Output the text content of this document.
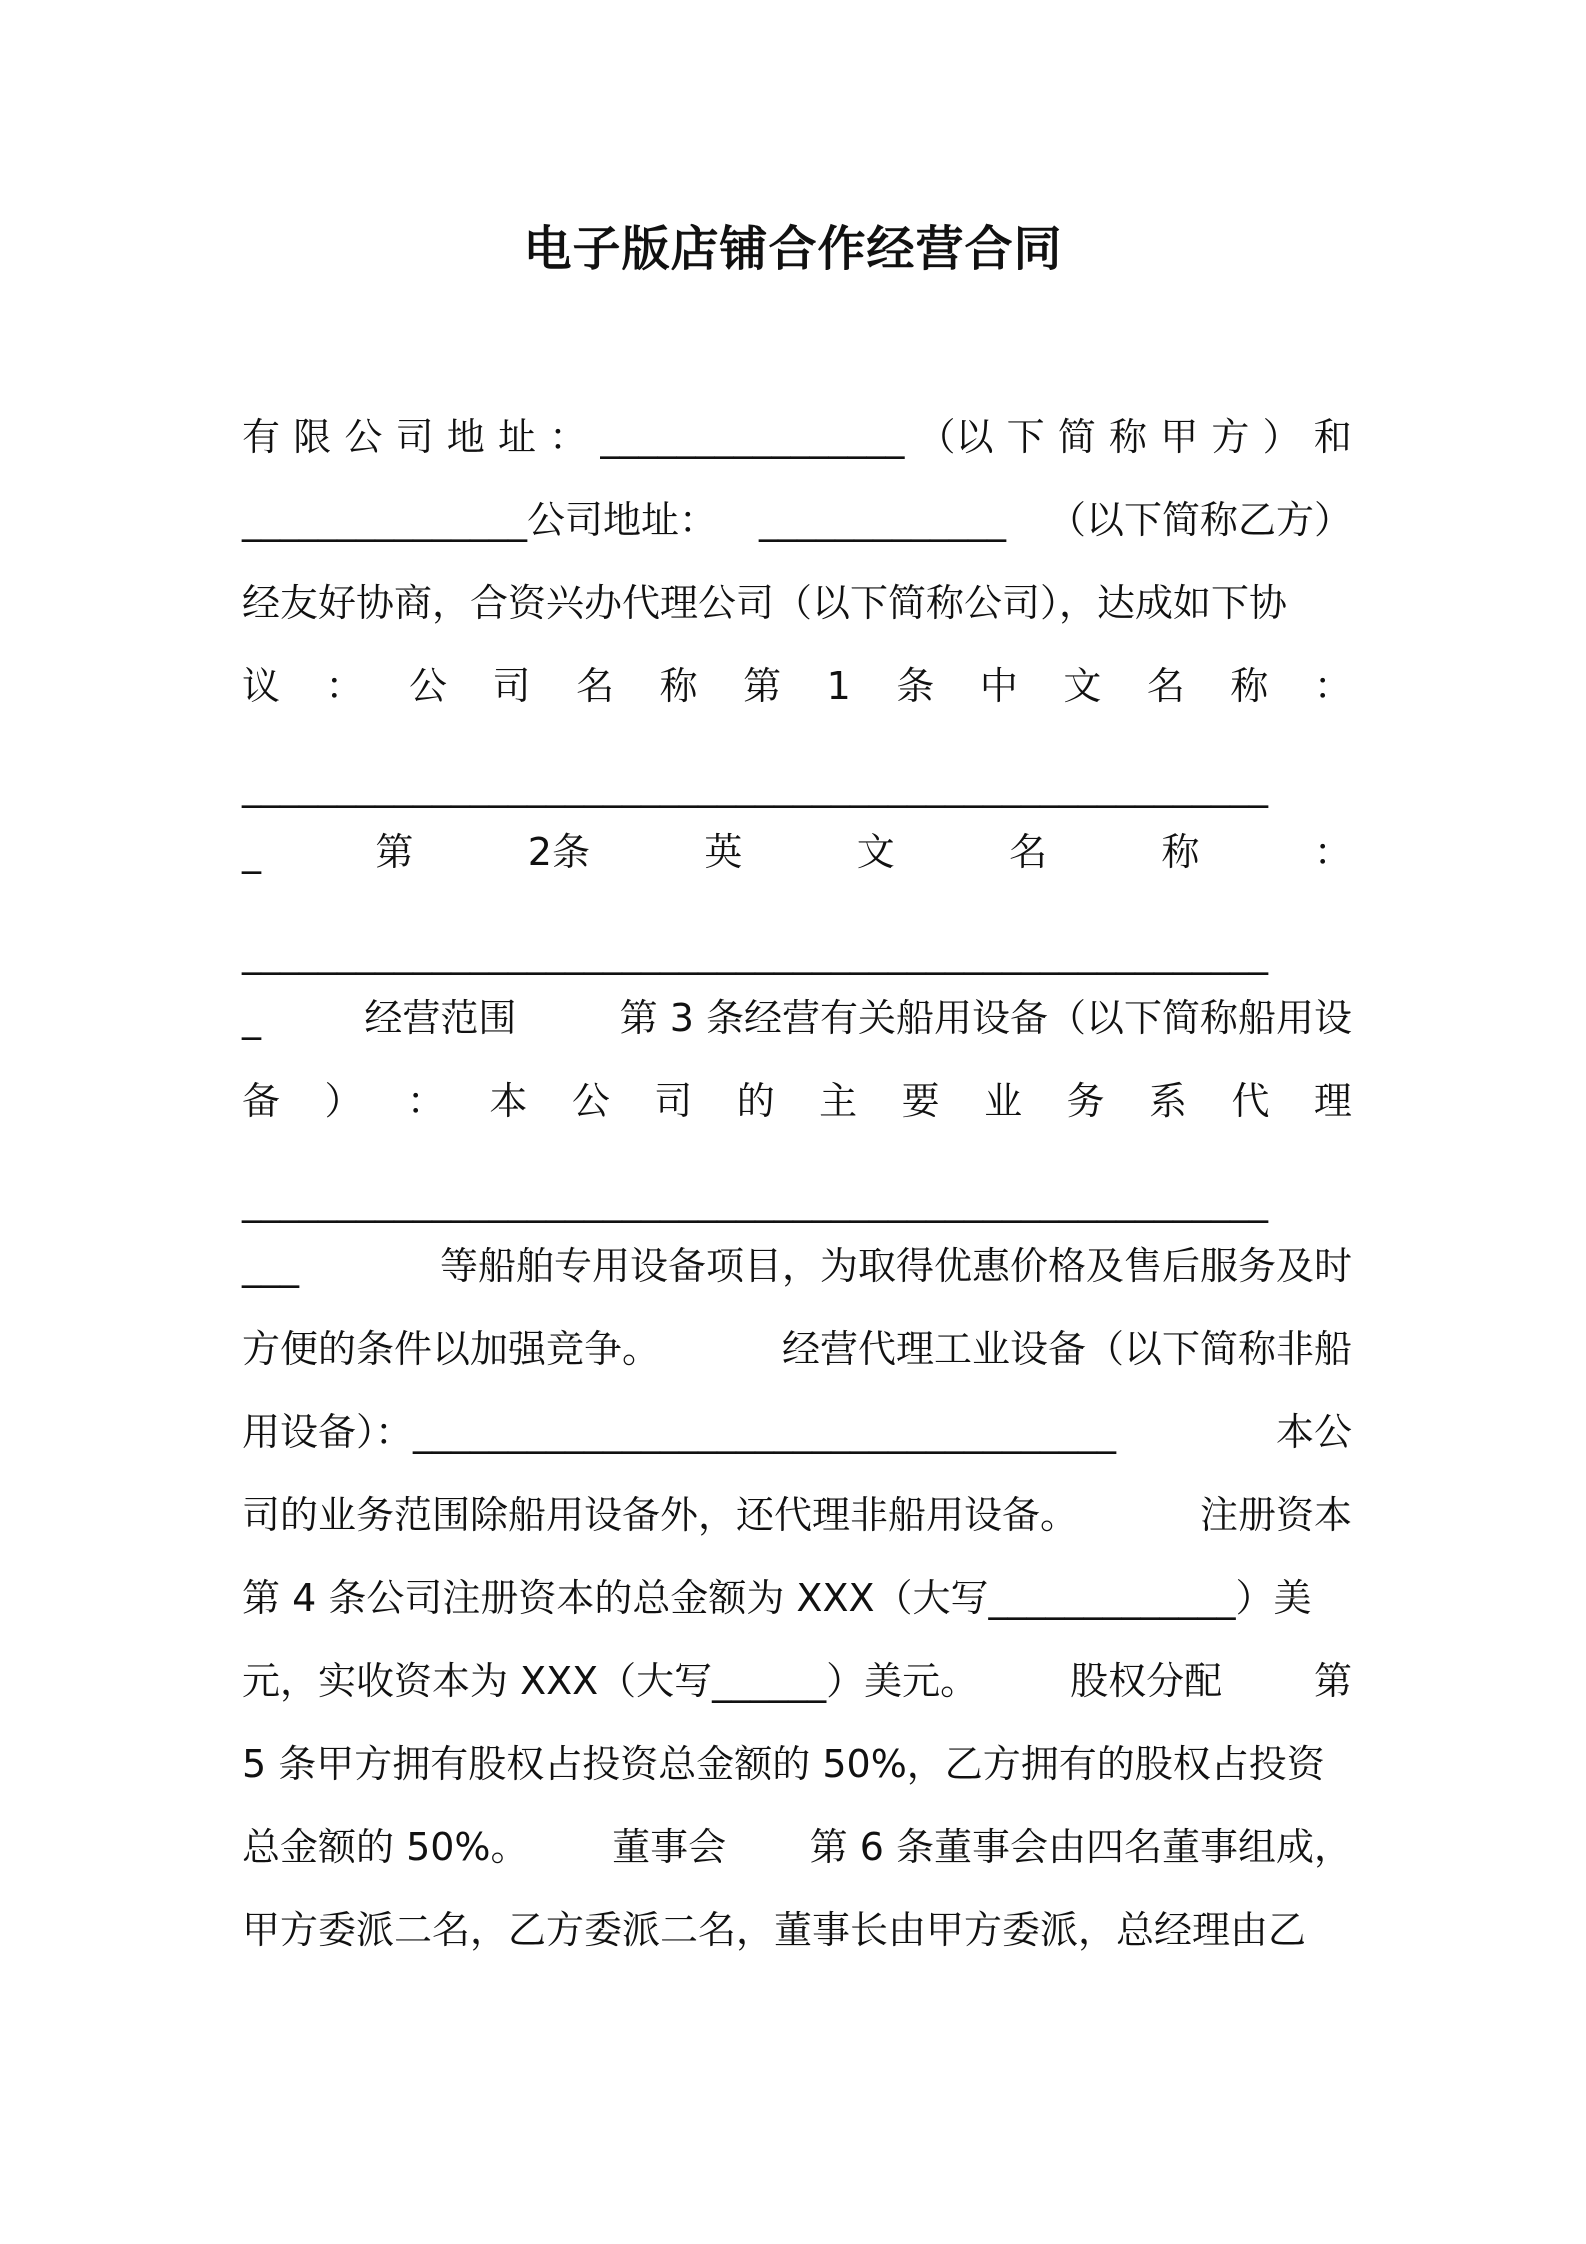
电子版店铺合作经营合同
有 限 公 司 地 址 ： ________________ （以 下 简 称 甲 方 ） 和
_______________公司地址： _____________ （以下简称乙方）
经友好协商，合资兴办代理公司（以下简称公司），达成如下协
议 ： 公 司 名 称 第 1 条 中 文 名 称 ：
______________________________________________________
_	第	2条	英	文	名	称	：
______________________________________________________
_	经营范围	第 3 条经营有关船用设备（以下简称船用设
备 ） ： 本 公 司 的 主 要 业 务 系 代 理
______________________________________________________
___	等船舶专用设备项目，为取得优惠价格及售后服务及时
方便的条件以加强竞争。	经营代理工业设备（以下简称非船
用设备）：_____________________________________	本公
司的业务范围除船用设备外，还代理非船用设备。	注册资本
第 4 条公司注册资本的总金额为 XXX（大写_____________）美
元，实收资本为 XXX（大写______）美元。 股权分配 第
5 条甲方拥有股权占投资总金额的 50%，乙方拥有的股权占投资
总金额的 50%。 董事会 第 6 条董事会由四名董事组成，
甲方委派二名，乙方委派二名，董事长由甲方委派，总经理由乙
